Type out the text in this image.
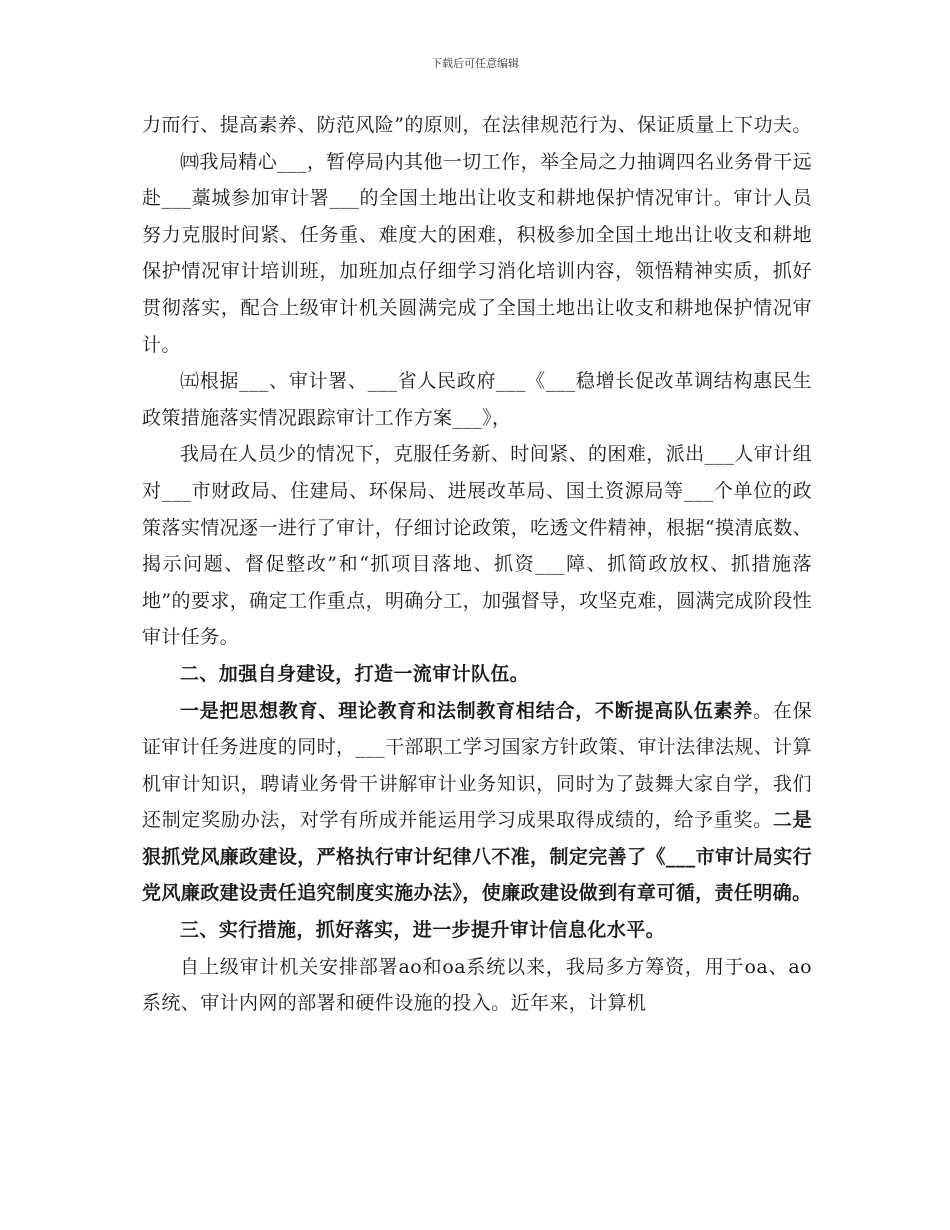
下载后可任意编辑

力而行、提高素养、防范风险”的原则，在法律规范行为、保证质量上下功夫。

㈣我局精心___，暂停局内其他一切工作，举全局之力抽调四名业务骨干远赴___藁城参加审计署___的全国土地出让收支和耕地保护情况审计。审计人员努力克服时间紧、任务重、难度大的困难，积极参加全国土地出让收支和耕地保护情况审计培训班，加班加点仔细学习消化培训内容，领悟精神实质，抓好贯彻落实，配合上级审计机关圆满完成了全国土地出让收支和耕地保护情况审计。

㈤根据___、审计署、___省人民政府___《___稳增长促改革调结构惠民生政策措施落实情况跟踪审计工作方案___》，

我局在人员少的情况下，克服任务新、时间紧、的困难，派出___人审计组对___市财政局、住建局、环保局、进展改革局、国土资源局等___个单位的政策落实情况逐一进行了审计，仔细讨论政策，吃透文件精神，根据“摸清底数、揭示问题、督促整改”和“抓项目落地、抓资___障、抓简政放权、抓措施落地”的要求，确定工作重点，明确分工，加强督导，攻坚克难，圆满完成阶段性审计任务。

二、加强自身建设，打造一流审计队伍。

一是把思想教育、理论教育和法制教育相结合，不断提高队伍素养。在保证审计任务进度的同时，___干部职工学习国家方针政策、审计法律法规、计算机审计知识，聘请业务骨干讲解审计业务知识，同时为了鼓舞大家自学，我们还制定奖励办法，对学有所成并能运用学习成果取得成绩的，给予重奖。二是狠抓党风廉政建设，严格执行审计纪律八不准，制定完善了《___市审计局实行党风廉政建设责任追究制度实施办法》，使廉政建设做到有章可循，责任明确。

三、实行措施，抓好落实，进一步提升审计信息化水平。

自上级审计机关安排部署ao和oa系统以来，我局多方筹资，用于oa、ao系统、审计内网的部署和硬件设施的投入。近年来，计算机
